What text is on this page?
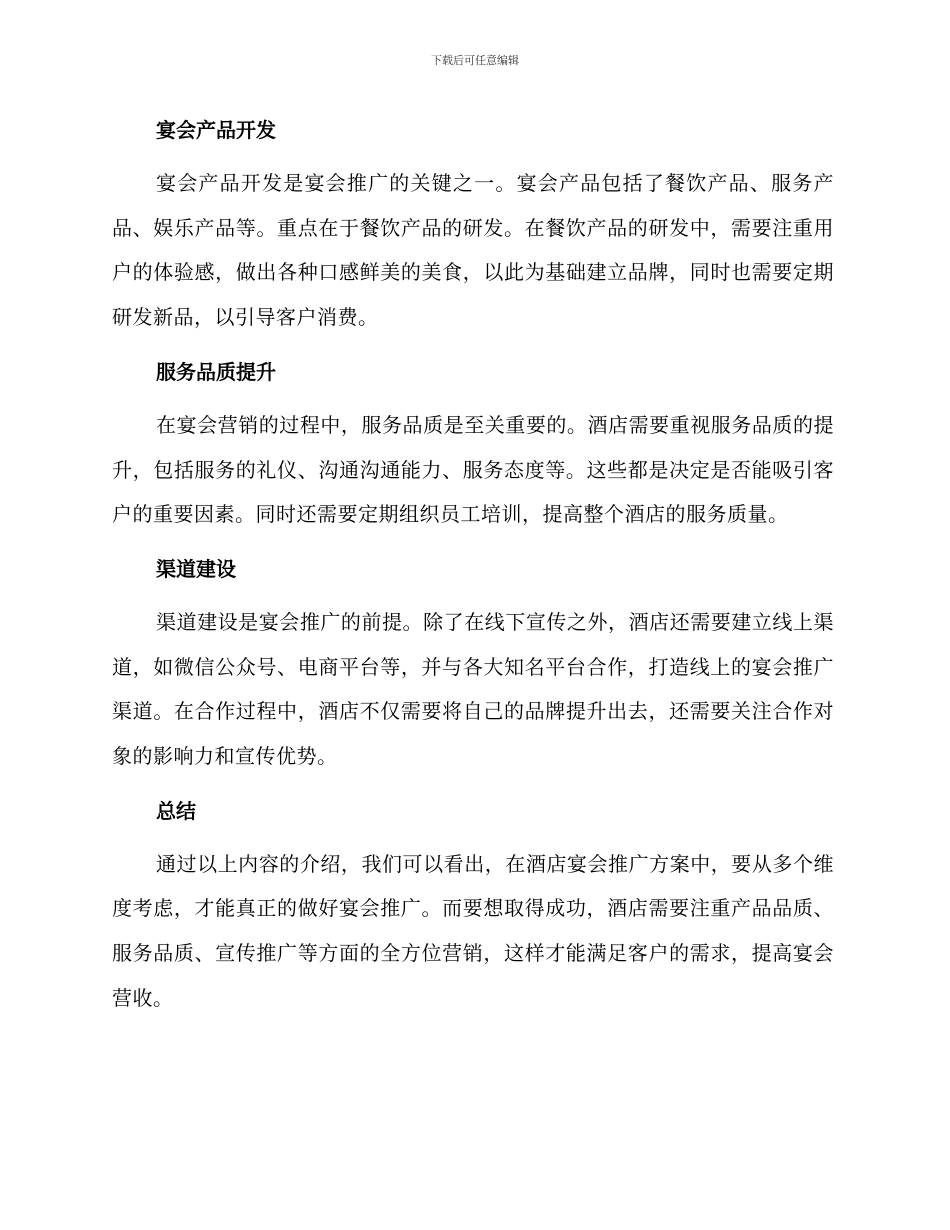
下载后可任意编辑
宴会产品开发

宴会产品开发是宴会推广的关键之一。宴会产品包括了餐饮产品、服务产品、娱乐产品等。重点在于餐饮产品的研发。在餐饮产品的研发中，需要注重用户的体验感，做出各种口感鲜美的美食，以此为基础建立品牌，同时也需要定期研发新品，以引导客户消费。

服务品质提升

在宴会营销的过程中，服务品质是至关重要的。酒店需要重视服务品质的提升，包括服务的礼仪、沟通沟通能力、服务态度等。这些都是决定是否能吸引客户的重要因素。同时还需要定期组织员工培训，提高整个酒店的服务质量。

渠道建设

渠道建设是宴会推广的前提。除了在线下宣传之外，酒店还需要建立线上渠道，如微信公众号、电商平台等，并与各大知名平台合作，打造线上的宴会推广渠道。在合作过程中，酒店不仅需要将自己的品牌提升出去，还需要关注合作对象的影响力和宣传优势。

总结

通过以上内容的介绍，我们可以看出，在酒店宴会推广方案中，要从多个维度考虑，才能真正的做好宴会推广。而要想取得成功，酒店需要注重产品品质、服务品质、宣传推广等方面的全方位营销，这样才能满足客户的需求，提高宴会营收。
